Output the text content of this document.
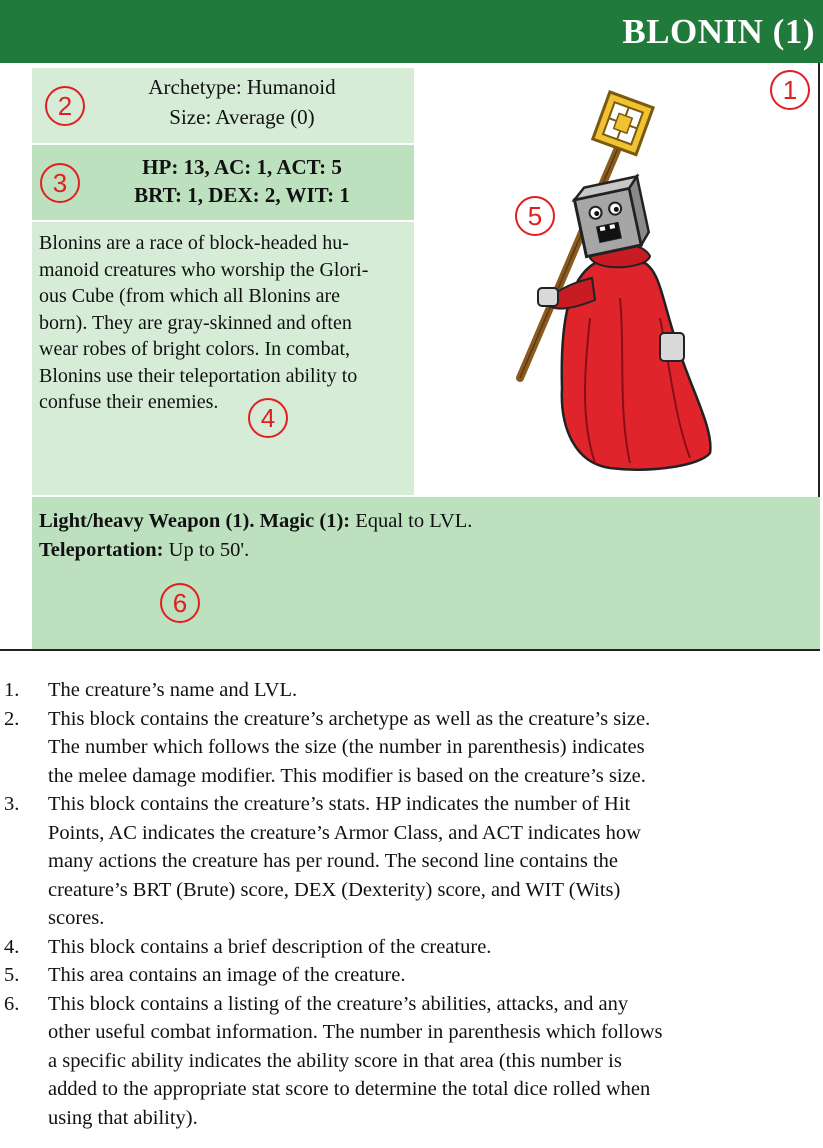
BLONIN (1)
Archetype: Humanoid
Size: Average (0)
HP: 13, AC: 1, ACT: 5
BRT: 1, DEX: 2, WIT: 1
Blonins are a race of block-headed hu-
manoid creatures who worship the Glori-
ous Cube (from which all Blonins are
born). They are gray-skinned and often
wear robes of bright colors. In combat,
Blonins use their teleportation ability to
confuse their enemies.
Light/heavy Weapon (1). Magic (1): Equal to LVL.
Teleportation: Up to 50'.
1
2
3
4
5
6
1. The creature’s name and LVL.
2. This block contains the creature’s archetype as well as the creature’s size.
The number which follows the size (the number in parenthesis) indicates
the melee damage modifier. This modifier is based on the creature’s size.
3. This block contains the creature’s stats. HP indicates the number of Hit
Points, AC indicates the creature’s Armor Class, and ACT indicates how
many actions the creature has per round. The second line contains the
creature’s BRT (Brute) score, DEX (Dexterity) score, and WIT (Wits)
scores.
4. This block contains a brief description of the creature.
5. This area contains an image of the creature.
6. This block contains a listing of the creature’s abilities, attacks, and any
other useful combat information. The number in parenthesis which follows
a specific ability indicates the ability score in that area (this number is
added to the appropriate stat score to determine the total dice rolled when
using that ability).
